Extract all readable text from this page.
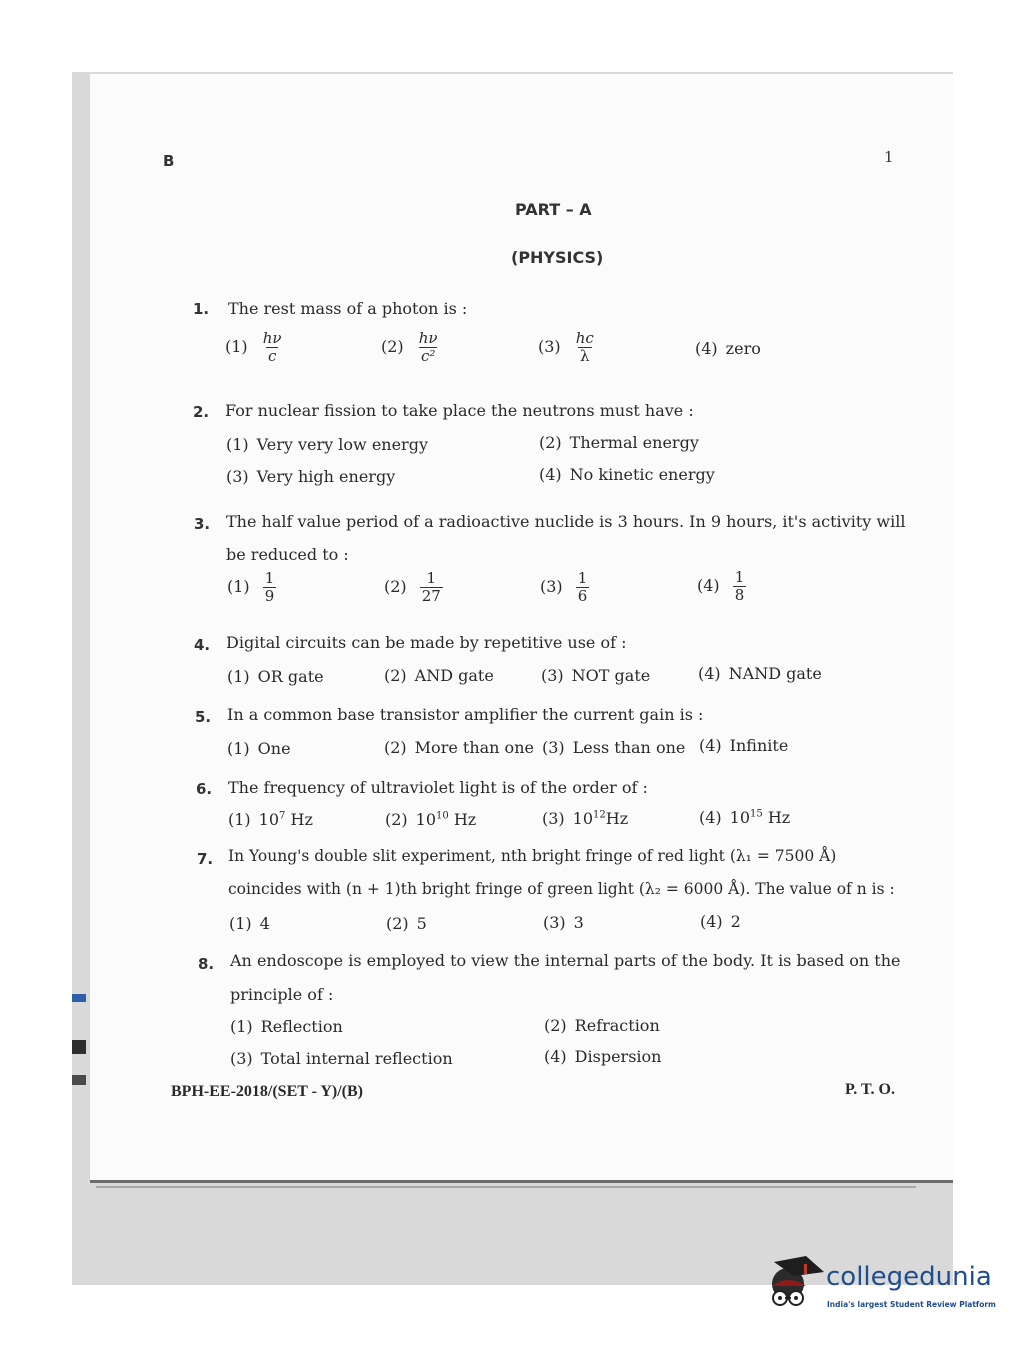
B	1
PART – A
(PHYSICS)
1. The rest mass of a photon is :
$(1) \frac{h\nu}{c}$	$(2) \frac{h\nu}{\text{c²}}$	$(3) \frac{hc}{\lambda}$	(4) zero
2. For nuclear fission to take place the neutrons must have :
(1) Very very low energy	(2) Thermal energy
(3) Very high energy	(4) No kinetic energy
3. The half value period of a radioactive nuclide is 3 hours. In 9 hours, it's activity will
be reduced to :
$(1) \frac{1}{9}$	$(2) \frac{1}{27}$	$(3) \frac{1}{6}$	$(4) \frac{1}{8}$
4. Digital circuits can be made by repetitive use of :
(1) OR gate	(2) AND gate	(3) NOT gate	(4) NAND gate
5. In a common base transistor amplifier the current gain is :
(1) One	(2) More than one (3) Less than one (4) Infinite
6. The frequency of ultraviolet light is of the order of :
(1) $10^7$ Hz	(2) $10^{10}$ Hz	(3) $10^{12}Hz$	(4) $10^{15}$ Hz
7. In Young's double slit experiment, nth bright fringe of red light (λ₁ = 7500 Å)
coincides with (n + 1)th bright fringe of green light (λ₂ = 6000 Å). The value of n is :
(1) 4	(2) 5	(3) 3	(4) 2
8. An endoscope is employed to view the internal parts of the body. It is based on the
principle of :
(1) Reflection	(2) Refraction
(3) Total internal reflection	(4) Dispersion
BPH-EE-2018/(SET - Y)/(B)	P. T. O.
collegedunia
India's largest Student Review Platform
